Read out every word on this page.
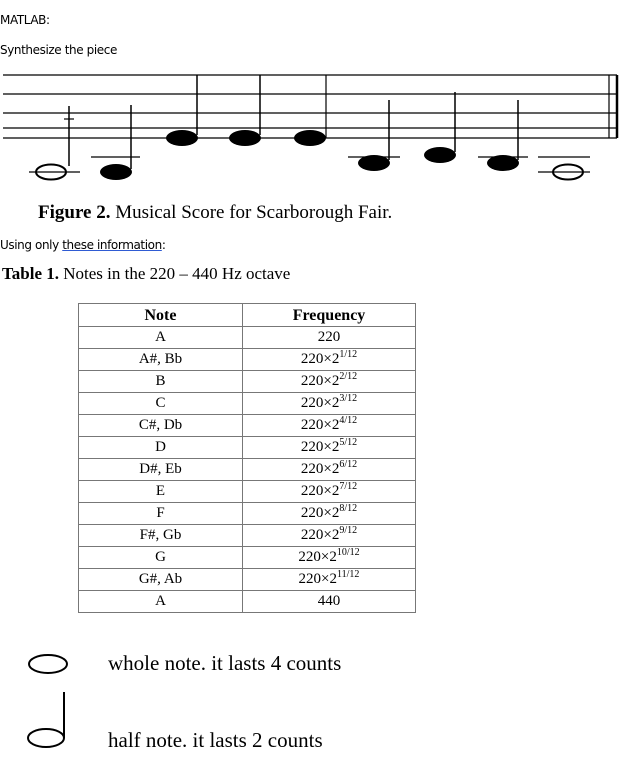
MATLAB:
Synthesize the piece
Figure 2. Musical Score for Scarborough Fair.
Using only these information:
Table 1. Notes in the 220 – 440 Hz octave
Note	Frequency
A	220
A#, Bb	$220\times 2^{1/12}$
B	$220\times 2^{2/12}$
C	$220\times 2^{3/12}$
C#, Db	$220\times 2^{4/12}$
D	$220\times 2^{5/12}$
D#, Eb	$220\times 2^{6/12}$
E	$220\times 2^{7/12}$
F	$220\times 2^{8/12}$
F#, Gb	$220\times 2^{9/12}$
G	$220\times 2^{10/12}$
G#, Ab	$220\times 2^{11/12}$
A	440
whole note. it lasts 4 counts
half note. it lasts 2 counts
